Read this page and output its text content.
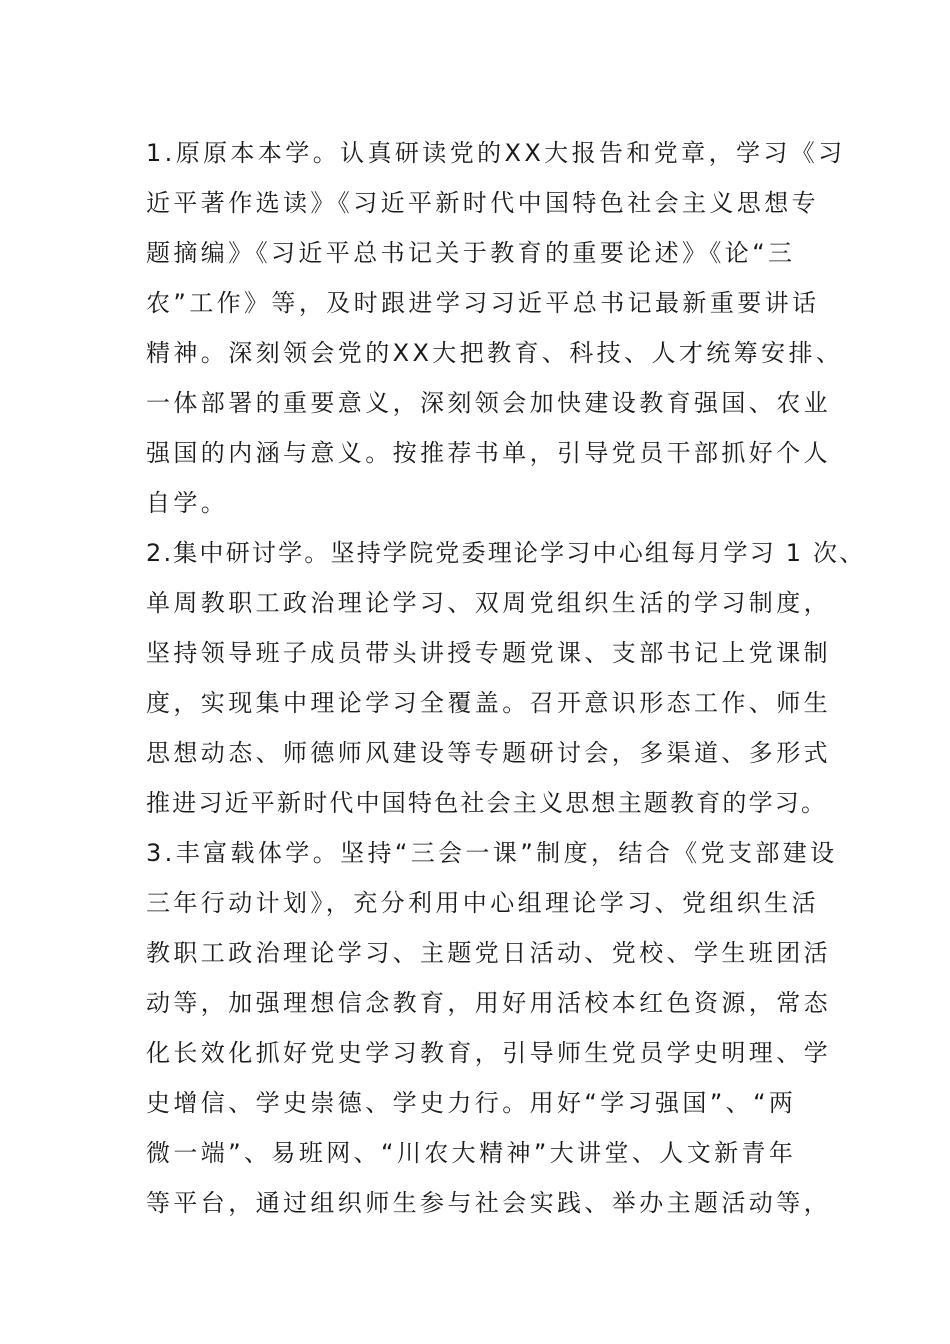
1.原原本本学。认真研读党的XX大报告和党章，学习《习
近平著作选读》《习近平新时代中国特色社会主义思想专
题摘编》《习近平总书记关于教育的重要论述》《论“三
农”工作》等，及时跟进学习习近平总书记最新重要讲话
精神。深刻领会党的XX大把教育、科技、人才统筹安排、
一体部署的重要意义，深刻领会加快建设教育强国、农业
强国的内涵与意义。按推荐书单，引导党员干部抓好个人
自学。
2.集中研讨学。坚持学院党委理论学习中心组每月学习 1 次、
单周教职工政治理论学习、双周党组织生活的学习制度，
坚持领导班子成员带头讲授专题党课、支部书记上党课制
度，实现集中理论学习全覆盖。召开意识形态工作、师生
思想动态、师德师风建设等专题研讨会，多渠道、多形式
推进习近平新时代中国特色社会主义思想主题教育的学习。
3.丰富载体学。坚持“三会一课”制度，结合《党支部建设
三年行动计划》，充分利用中心组理论学习、党组织生活
教职工政治理论学习、主题党日活动、党校、学生班团活
动等，加强理想信念教育，用好用活校本红色资源，常态
化长效化抓好党史学习教育，引导师生党员学史明理、学
史增信、学史崇德、学史力行。用好“学习强国”、“两
微一端”、易班网、“川农大精神”大讲堂、人文新青年
等平台，通过组织师生参与社会实践、举办主题活动等，
